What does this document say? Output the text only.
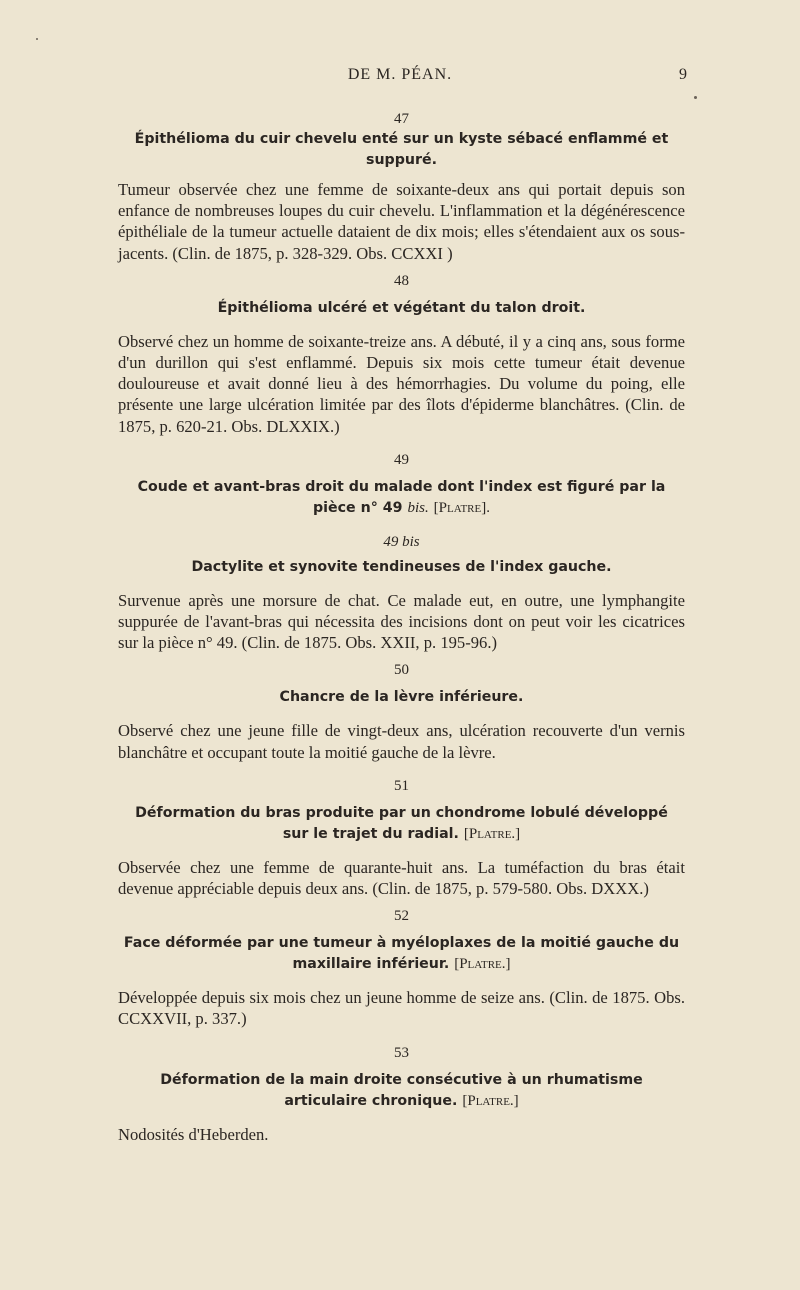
DE M. PÉAN.	9

47

Épithélioma du cuir chevelu enté sur un kyste sébacé enflammé et suppuré.

Tumeur observée chez une femme de soixante-deux ans qui portait depuis son enfance de nombreuses loupes du cuir chevelu. L'inflammation et la dégénérescence épithéliale de la tumeur actuelle dataient de dix mois; elles s'étendaient aux os sous-jacents. (Clin. de 1875, p. 328-329. Obs. CCXXI )

48

Épithélioma ulcéré et végétant du talon droit.

Observé chez un homme de soixante-treize ans. A débuté, il y a cinq ans, sous forme d'un durillon qui s'est enflammé. Depuis six mois cette tumeur était devenue douloureuse et avait donné lieu à des hémorrhagies. Du volume du poing, elle présente une large ulcération limitée par des îlots d'épiderme blanchâtres. (Clin. de 1875, p. 620-21. Obs. DLXXIX.)

49

Coude et avant-bras droit du malade dont l'index est figuré par la pièce n° 49 bis. [Platre].

49 bis

Dactylite et synovite tendineuses de l'index gauche.

Survenue après une morsure de chat. Ce malade eut, en outre, une lymphangite suppurée de l'avant-bras qui nécessita des incisions dont on peut voir les cicatrices sur la pièce n° 49. (Clin. de 1875. Obs. XXII, p. 195-96.)

50

Chancre de la lèvre inférieure.

Observé chez une jeune fille de vingt-deux ans, ulcération recouverte d'un vernis blanchâtre et occupant toute la moitié gauche de la lèvre.

51

Déformation du bras produite par un chondrome lobulé développé sur le trajet du radial. [Platre.]

Observée chez une femme de quarante-huit ans. La tuméfaction du bras était devenue appréciable depuis deux ans. (Clin. de 1875, p. 579-580. Obs. DXXX.)

52

Face déformée par une tumeur à myéloplaxes de la moitié gauche du maxillaire inférieur. [Platre.]

Développée depuis six mois chez un jeune homme de seize ans. (Clin. de 1875. Obs. CCXXVII, p. 337.)

53

Déformation de la main droite consécutive à un rhumatisme articulaire chronique. [Platre.]

Nodosités d'Heberden.
